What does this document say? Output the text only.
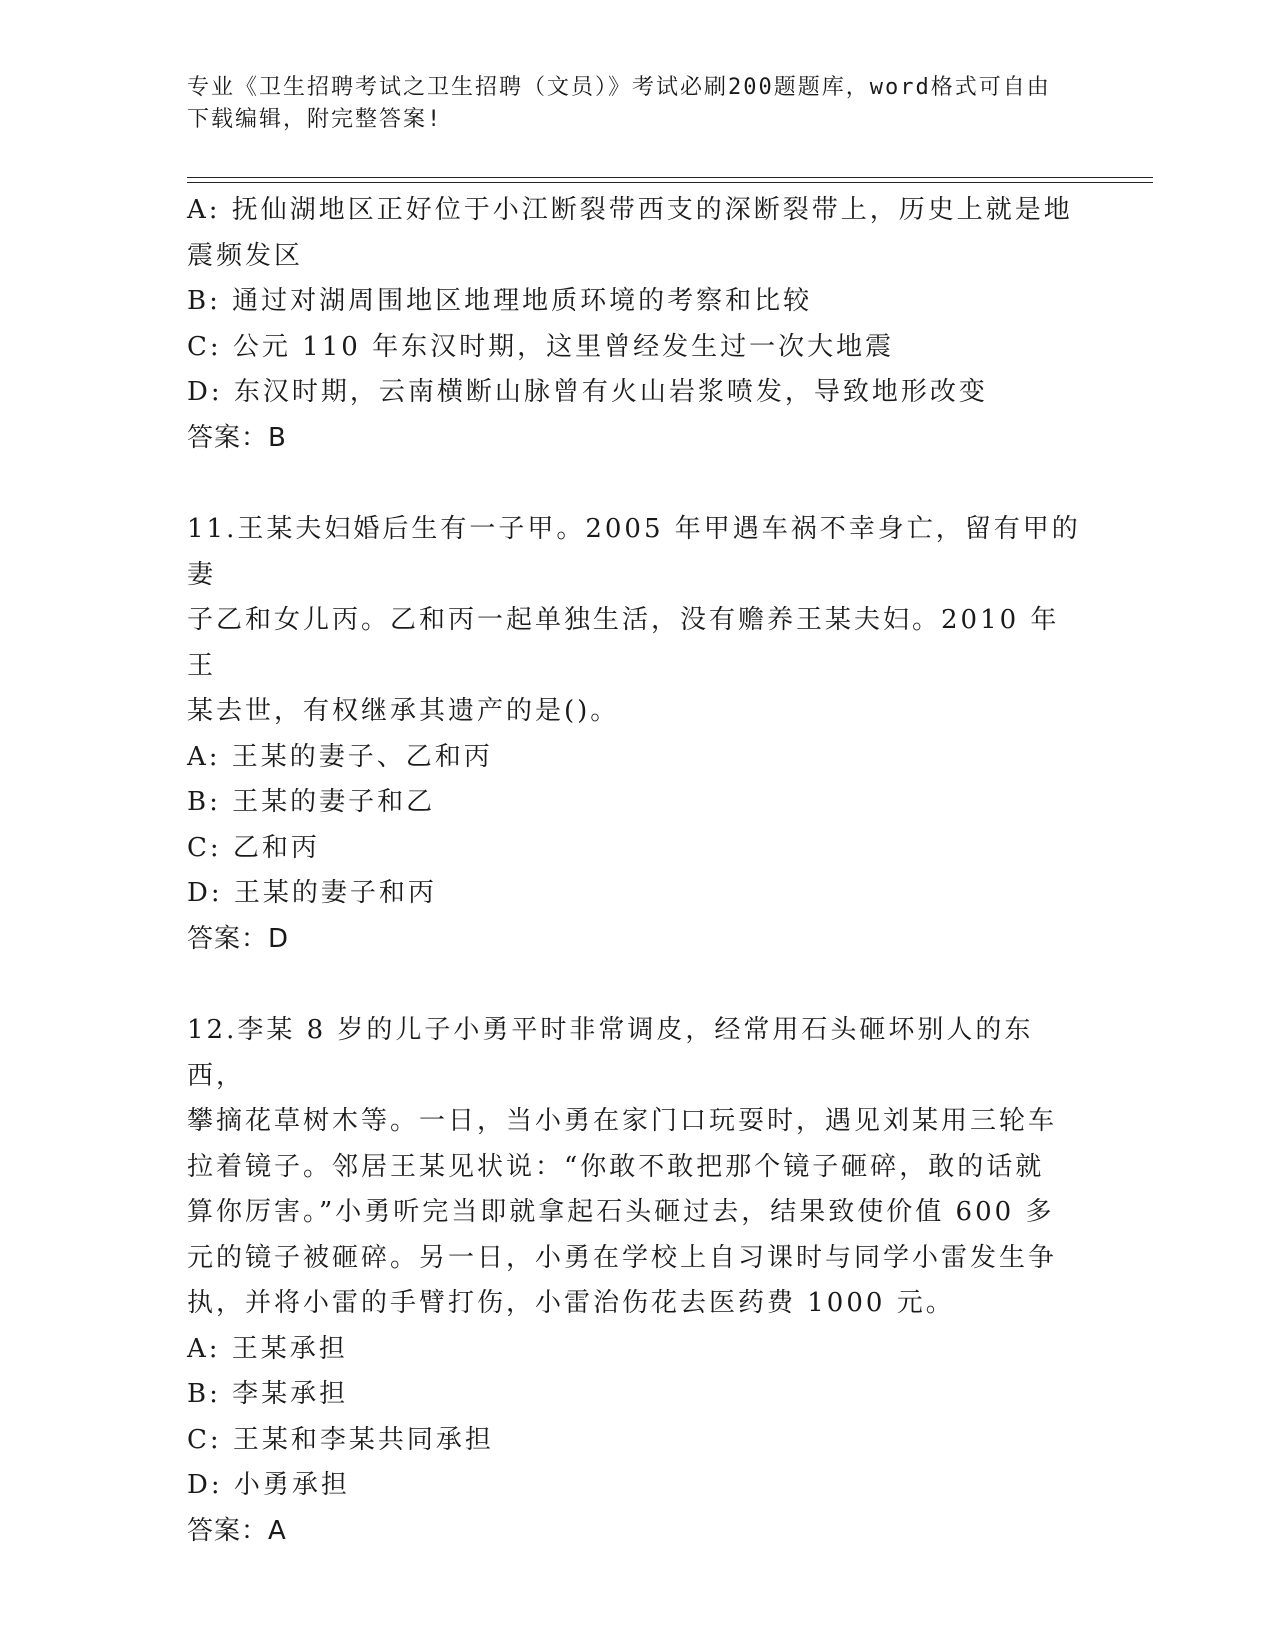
专业《卫生招聘考试之卫生招聘（文员）》考试必刷200题题库，word格式可自由下载编辑，附完整答案!
A: 抚仙湖地区正好位于小江断裂带西支的深断裂带上，历史上就是地
震频发区
B: 通过对湖周围地区地理地质环境的考察和比较
C: 公元 110 年东汉时期，这里曾经发生过一次大地震
D: 东汉时期，云南横断山脉曾有火山岩浆喷发，导致地形改变
答案：B
11.王某夫妇婚后生有一子甲。2005 年甲遇车祸不幸身亡，留有甲的妻
子乙和女儿丙。乙和丙一起单独生活，没有赡养王某夫妇。2010 年王
某去世，有权继承其遗产的是()。
A: 王某的妻子、乙和丙
B: 王某的妻子和乙
C: 乙和丙
D: 王某的妻子和丙
答案：D
12.李某 8 岁的儿子小勇平时非常调皮，经常用石头砸坏别人的东西，
攀摘花草树木等。一日，当小勇在家门口玩耍时，遇见刘某用三轮车
拉着镜子。邻居王某见状说：“你敢不敢把那个镜子砸碎，敢的话就
算你厉害。”小勇听完当即就拿起石头砸过去，结果致使价值 600 多
元的镜子被砸碎。另一日，小勇在学校上自习课时与同学小雷发生争
执，并将小雷的手臂打伤，小雷治伤花去医药费 1000 元。
A: 王某承担
B: 李某承担
C: 王某和李某共同承担
D: 小勇承担
答案：A
